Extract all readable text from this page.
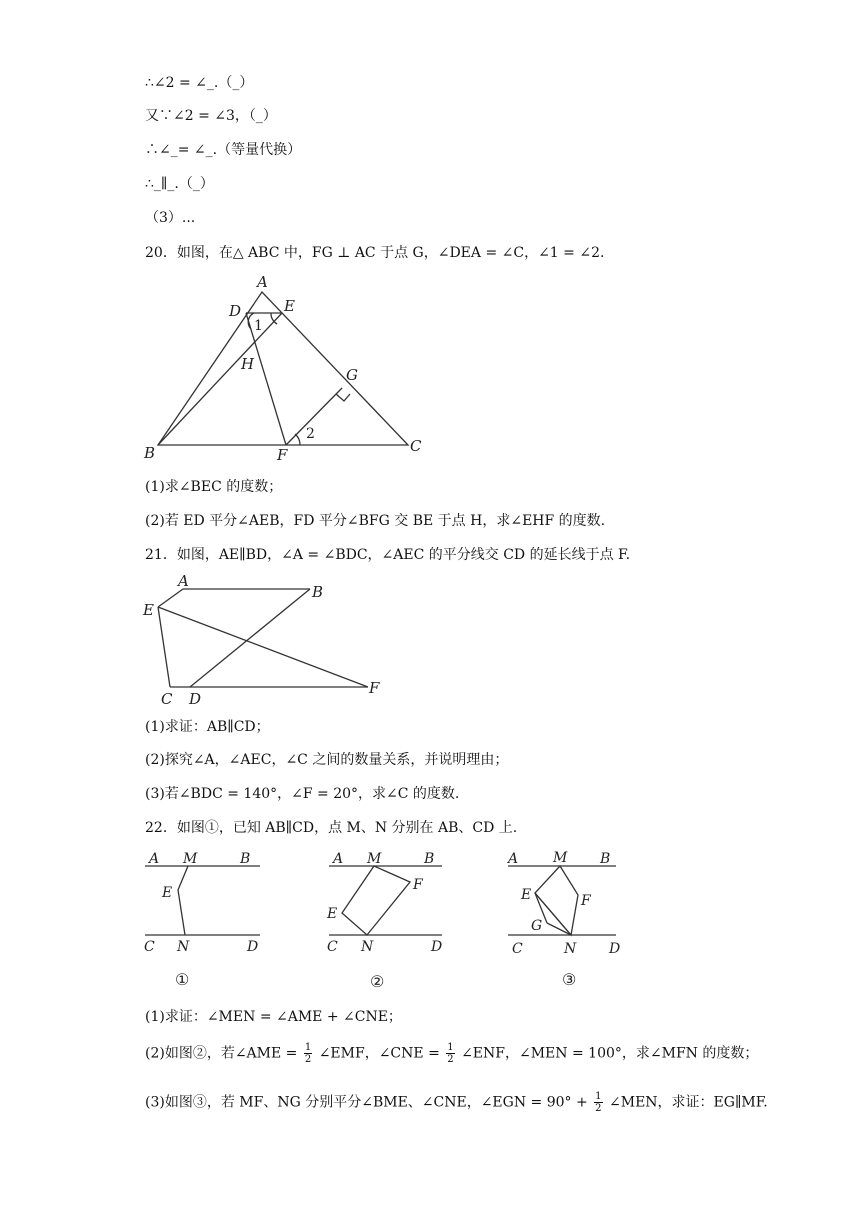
∴∠2 = ∠_.（_）
又∵∠2 = ∠3，（_）
∴∠_= ∠_.（等量代换）
∴_∥_.（_）
（3）...
20．如图，在△ ABC 中，FG ⊥ AC 于点 G，∠DEA = ∠C，∠1 = ∠2.
A
D	E
1
H
G
2
B	F	C
(1)求∠BEC 的度数；
(2)若 ED 平分∠AEB，FD 平分∠BFG 交 BE 于点 H，求∠EHF 的度数.
21．如图，AE∥BD，∠A = ∠BDC，∠AEC 的平分线交 CD 的延长线于点 F.
A
B
E
C D
F
(1)求证：AB∥CD；
(2)探究∠A，∠AEC，∠C 之间的数量关系，并说明理由；
(3)若∠BDC = 140°，∠F = 20°，求∠C 的度数.
22．如图①，已知 AB∥CD，点 M、N 分别在 AB、CD 上.
A M	B
E
C N	D
①
A M	B
F
E
C N	D
②
A M B
E	F
G
C	N D
③
(1)求证：∠MEN = ∠AME + ∠CNE；
(2)如图②，若∠AME = $\frac{1}{2}$ ∠EMF，∠CNE = $\frac{1}{2}$ ∠ENF，∠MEN = 100°，求∠MFN 的度数；
(3)如图③，若 MF、NG 分别平分∠BME、∠CNE，∠EGN = $90^\circ + \frac{1}{2}$ ∠MEN，求证：EG∥MF.
